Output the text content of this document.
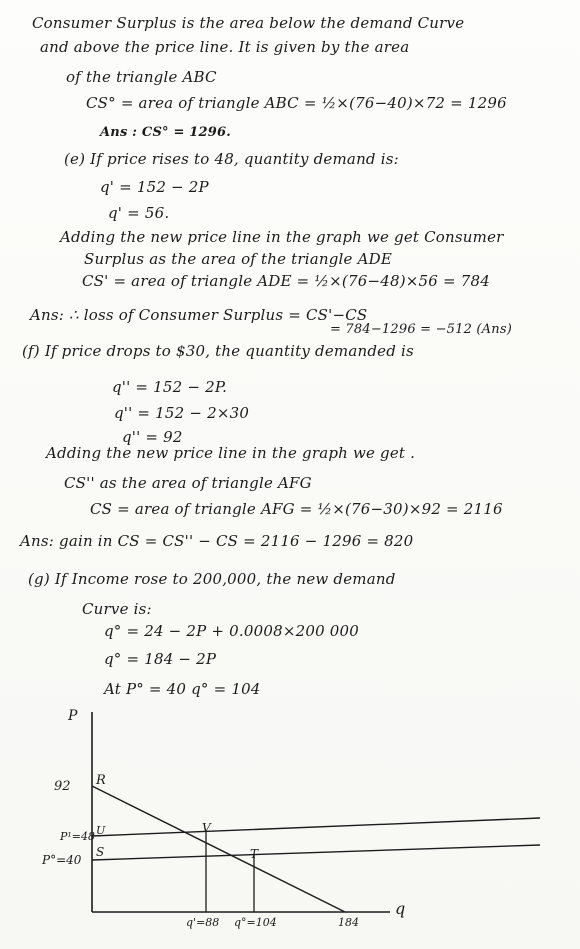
Consumer Surplus is the area below the demand Curve
and above the price line. It is given by the area
of the triangle ABC
CS° = area of triangle ABC = ½×(76−40)×72 = 1296
Ans : CS° = 1296.
(e) If price rises to 48, quantity demand is:
q' = 152 − 2P
q' = 56.
Adding the new price line in the graph we get Consumer
Surplus as the area of the triangle ADE
CS' = area of triangle ADE = ½×(76−48)×56 = 784
Ans: ∴ loss of Consumer Surplus = CS'−CS
= 784−1296 = −512 (Ans)
(f) If price drops to $30, the quantity demanded is
q'' = 152 − 2P.
q'' = 152 − 2×30
q'' = 92
Adding the new price line in the graph we get .
CS'' as the area of triangle AFG
CS = area of triangle AFG = ½×(76−30)×92 = 2116
Ans: gain in CS = CS'' − CS = 2116 − 1296 = 820
(g) If Income rose to 200,000, the new demand
Curve is:
q° = 24 − 2P + 0.0008×200 000
q° = 184 − 2P
At P° = 40 q° = 104
P
q
92
P¹=48
P°=40
q'=88 q°=104	184
R
U
S
V
T
